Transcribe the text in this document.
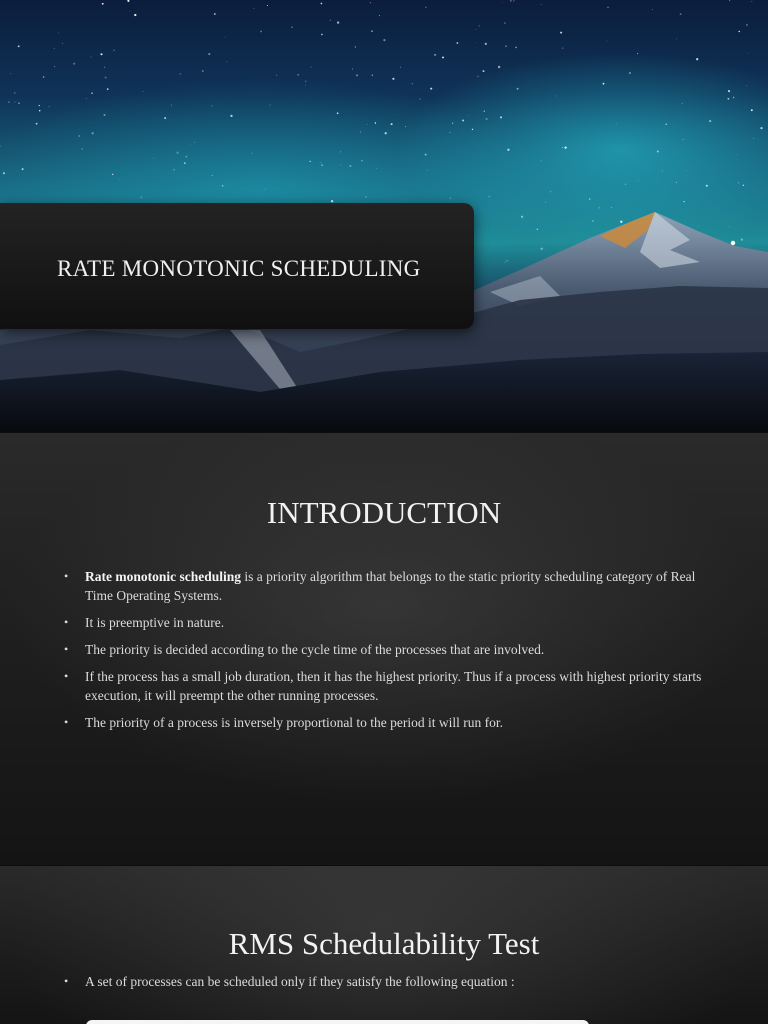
RATE MONOTONIC SCHEDULING
INTRODUCTION
• Rate monotonic scheduling is a priority algorithm that belongs to the static priority scheduling category of Real Time Operating Systems.
• It is preemptive in nature.
• The priority is decided according to the cycle time of the processes that are involved.
• If the process has a small job duration, then it has the highest priority. Thus if a process with highest priority starts execution, it will preempt the other running processes.
• The priority of a process is inversely proportional to the period it will run for.
RMS Schedulability Test
• A set of processes can be scheduled only if they satisfy the following equation :
